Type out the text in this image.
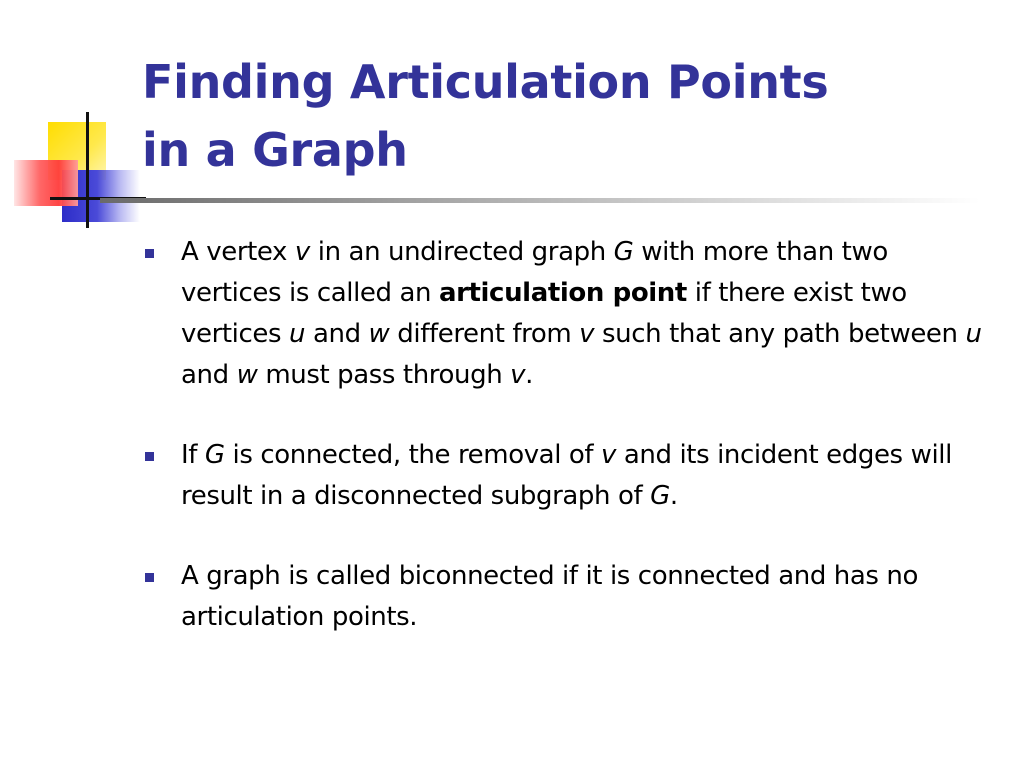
Finding Articulation Points
in a Graph
A vertex v in an undirected graph G with more than two vertices is called an articulation point if there exist two vertices u and w different from v such that any path between u and w must pass through v.
If G is connected, the removal of v and its incident edges will result in a disconnected subgraph of G.
A graph is called biconnected if it is connected and has no articulation points.
